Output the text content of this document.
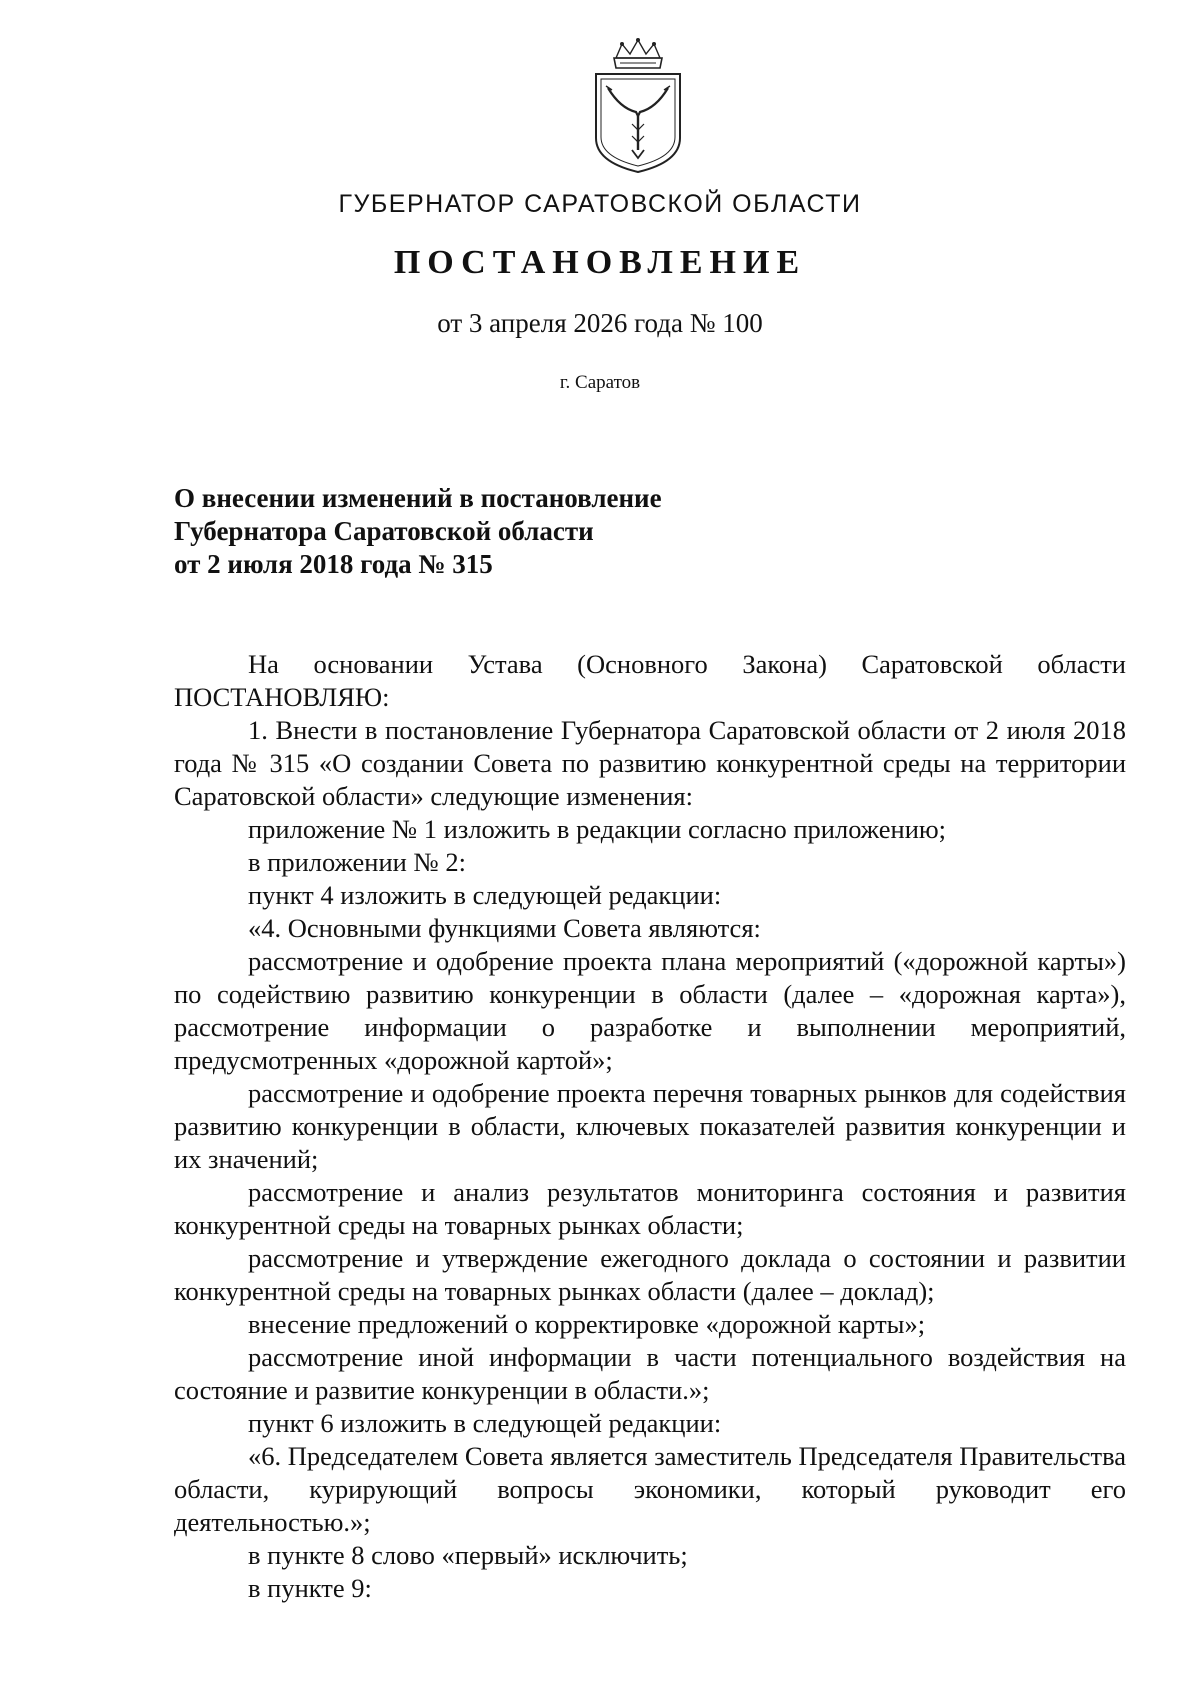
ГУБЕРНАТОР САРАТОВСКОЙ ОБЛАСТИ
ПОСТАНОВЛЕНИЕ
от 3 апреля 2026 года № 100
г. Саратов
О внесении изменений в постановление
Губернатора Саратовской области
от 2 июля 2018 года № 315

На основании Устава (Основного Закона) Саратовской области

ПОСТАНОВЛЯЮ:

1. Внести в постановление Губернатора Саратовской области от 2 июля 2018 года № 315 «О создании Совета по развитию конкурентной среды на территории Саратовской области» следующие изменения:

приложение № 1 изложить в редакции согласно приложению;

в приложении № 2:

пункт 4 изложить в следующей редакции:

«4. Основными функциями Совета являются:

рассмотрение и одобрение проекта плана мероприятий («дорожной карты») по содействию развитию конкуренции в области (далее – «дорожная карта»), рассмотрение информации о разработке и выполнении мероприятий, предусмотренных «дорожной картой»;

рассмотрение и одобрение проекта перечня товарных рынков для содействия развитию конкуренции в области, ключевых показателей развития конкуренции и их значений;

рассмотрение и анализ результатов мониторинга состояния и развития конкурентной среды на товарных рынках области;

рассмотрение и утверждение ежегодного доклада о состоянии и развитии конкурентной среды на товарных рынках области (далее – доклад);

внесение предложений о корректировке «дорожной карты»;

рассмотрение иной информации в части потенциального воздействия на состояние и развитие конкуренции в области.»;

пункт 6 изложить в следующей редакции:

«6. Председателем Совета является заместитель Председателя Правительства области, курирующий вопросы экономики, который руководит его деятельностью.»;

в пункте 8 слово «первый» исключить;

в пункте 9:
